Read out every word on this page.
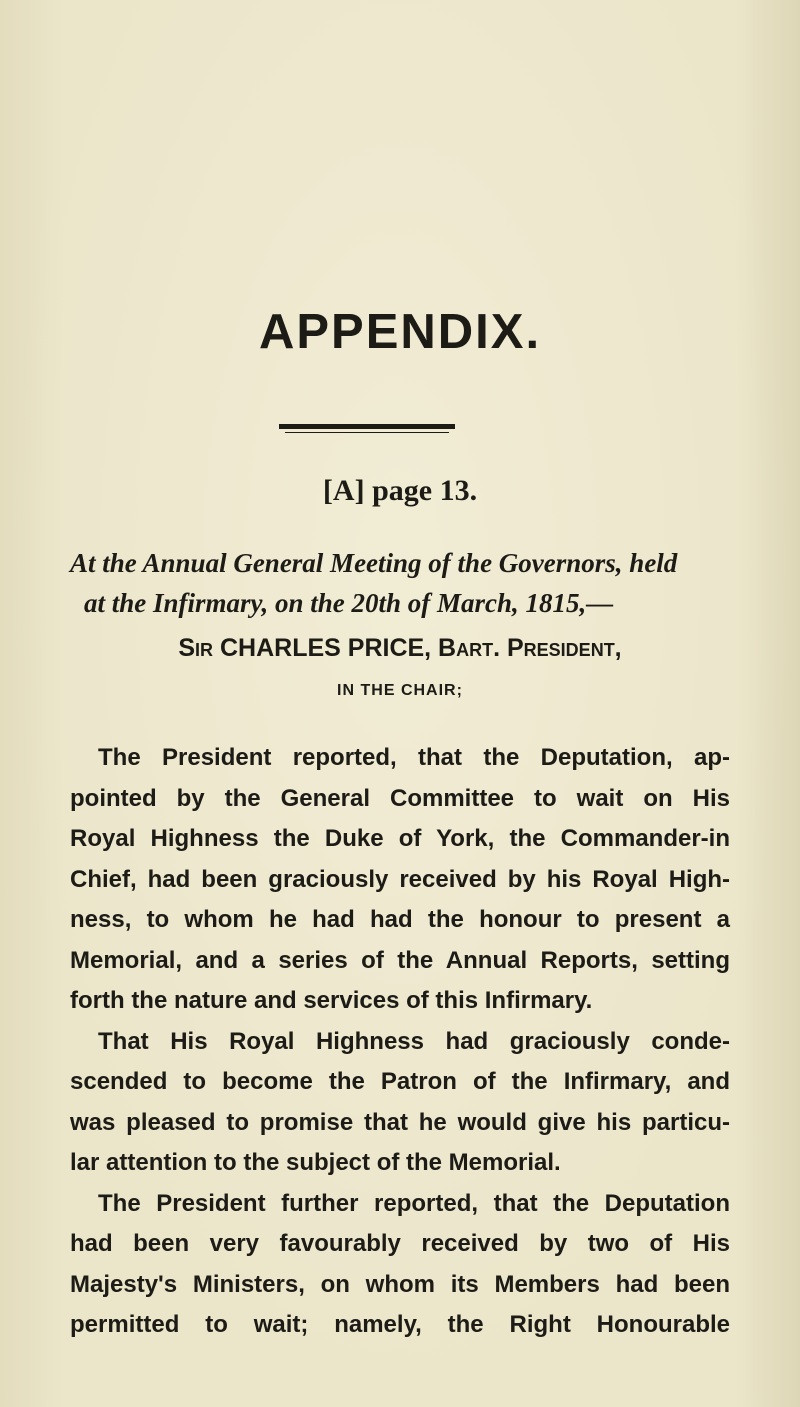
APPENDIX.
[A] page 13.
At the Annual General Meeting of the Governors, held
at the Infirmary, on the 20th of March, 1815,—
Sir CHARLES PRICE, Bart. President,
IN THE CHAIR;
The President reported, that the Deputation, ap-
pointed by the General Committee to wait on His
Royal Highness the Duke of York, the Commander-in
Chief, had been graciously received by his Royal High-
ness, to whom he had had the honour to present a
Memorial, and a series of the Annual Reports, setting
forth the nature and services of this Infirmary.
That His Royal Highness had graciously conde-
scended to become the Patron of the Infirmary, and
was pleased to promise that he would give his particu-
lar attention to the subject of the Memorial.
The President further reported, that the Deputation
had been very favourably received by two of His
Majesty's Ministers, on whom its Members had been
permitted to wait; namely, the Right Honourable
